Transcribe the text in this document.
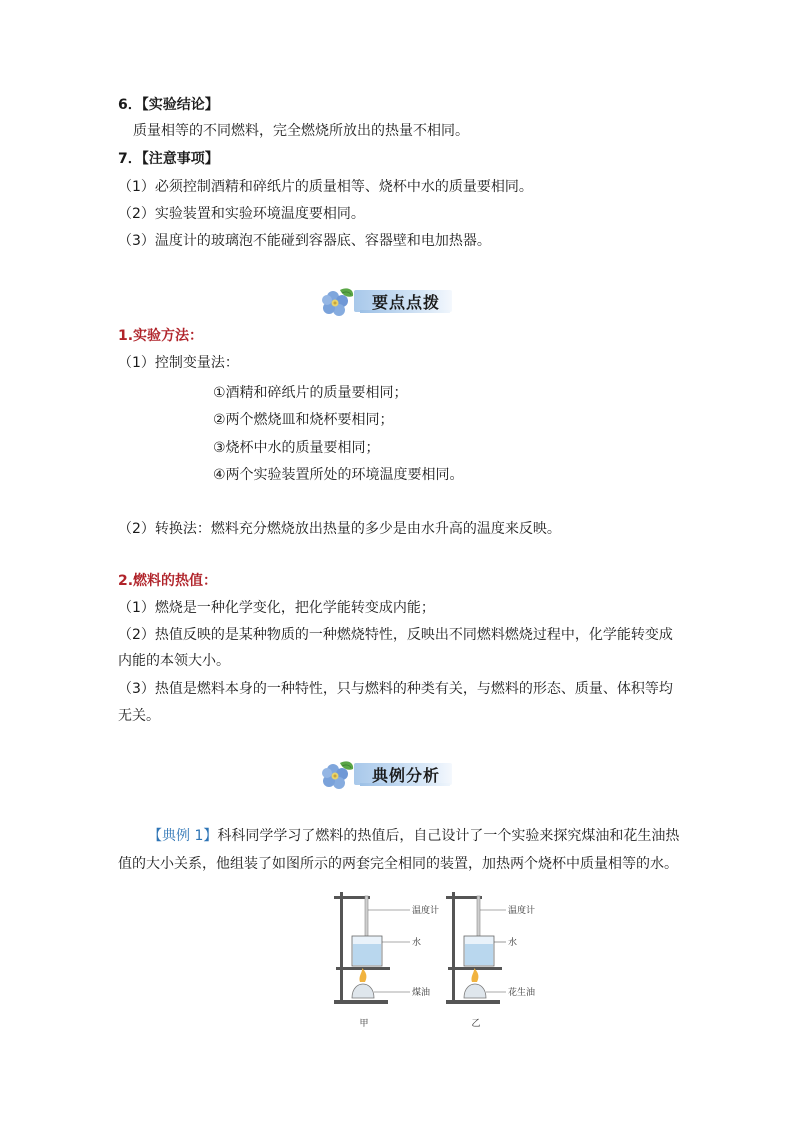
6．【实验结论】
质量相等的不同燃料，完全燃烧所放出的热量不相同。
7．【注意事项】
（1）必须控制酒精和碎纸片的质量相等、烧杯中水的质量要相同。
（2）实验装置和实验环境温度要相同。
（3）温度计的玻璃泡不能碰到容器底、容器壁和电加热器。
要点点拨
1.实验方法：
（1）控制变量法：
①酒精和碎纸片的质量要相同；
②两个燃烧皿和烧杯要相同；
③烧杯中水的质量要相同；
④两个实验装置所处的环境温度要相同。
（2）转换法：燃料充分燃烧放出热量的多少是由水升高的温度来反映。
2.燃料的热值：
（1）燃烧是一种化学变化，把化学能转变成内能；
（2）热值反映的是某种物质的一种燃烧特性，反映出不同燃料燃烧过程中，化学能转变成
内能的本领大小。
（3）热值是燃料本身的一种特性，只与燃料的种类有关，与燃料的形态、质量、体积等均
无关。
典例分析
【典例 1】科科同学学习了燃料的热值后，自己设计了一个实验来探究煤油和花生油热
值的大小关系，他组装了如图所示的两套完全相同的装置，加热两个烧杯中质量相等的水。
温度计
水
煤油
甲
温度计
水
花生油
乙
